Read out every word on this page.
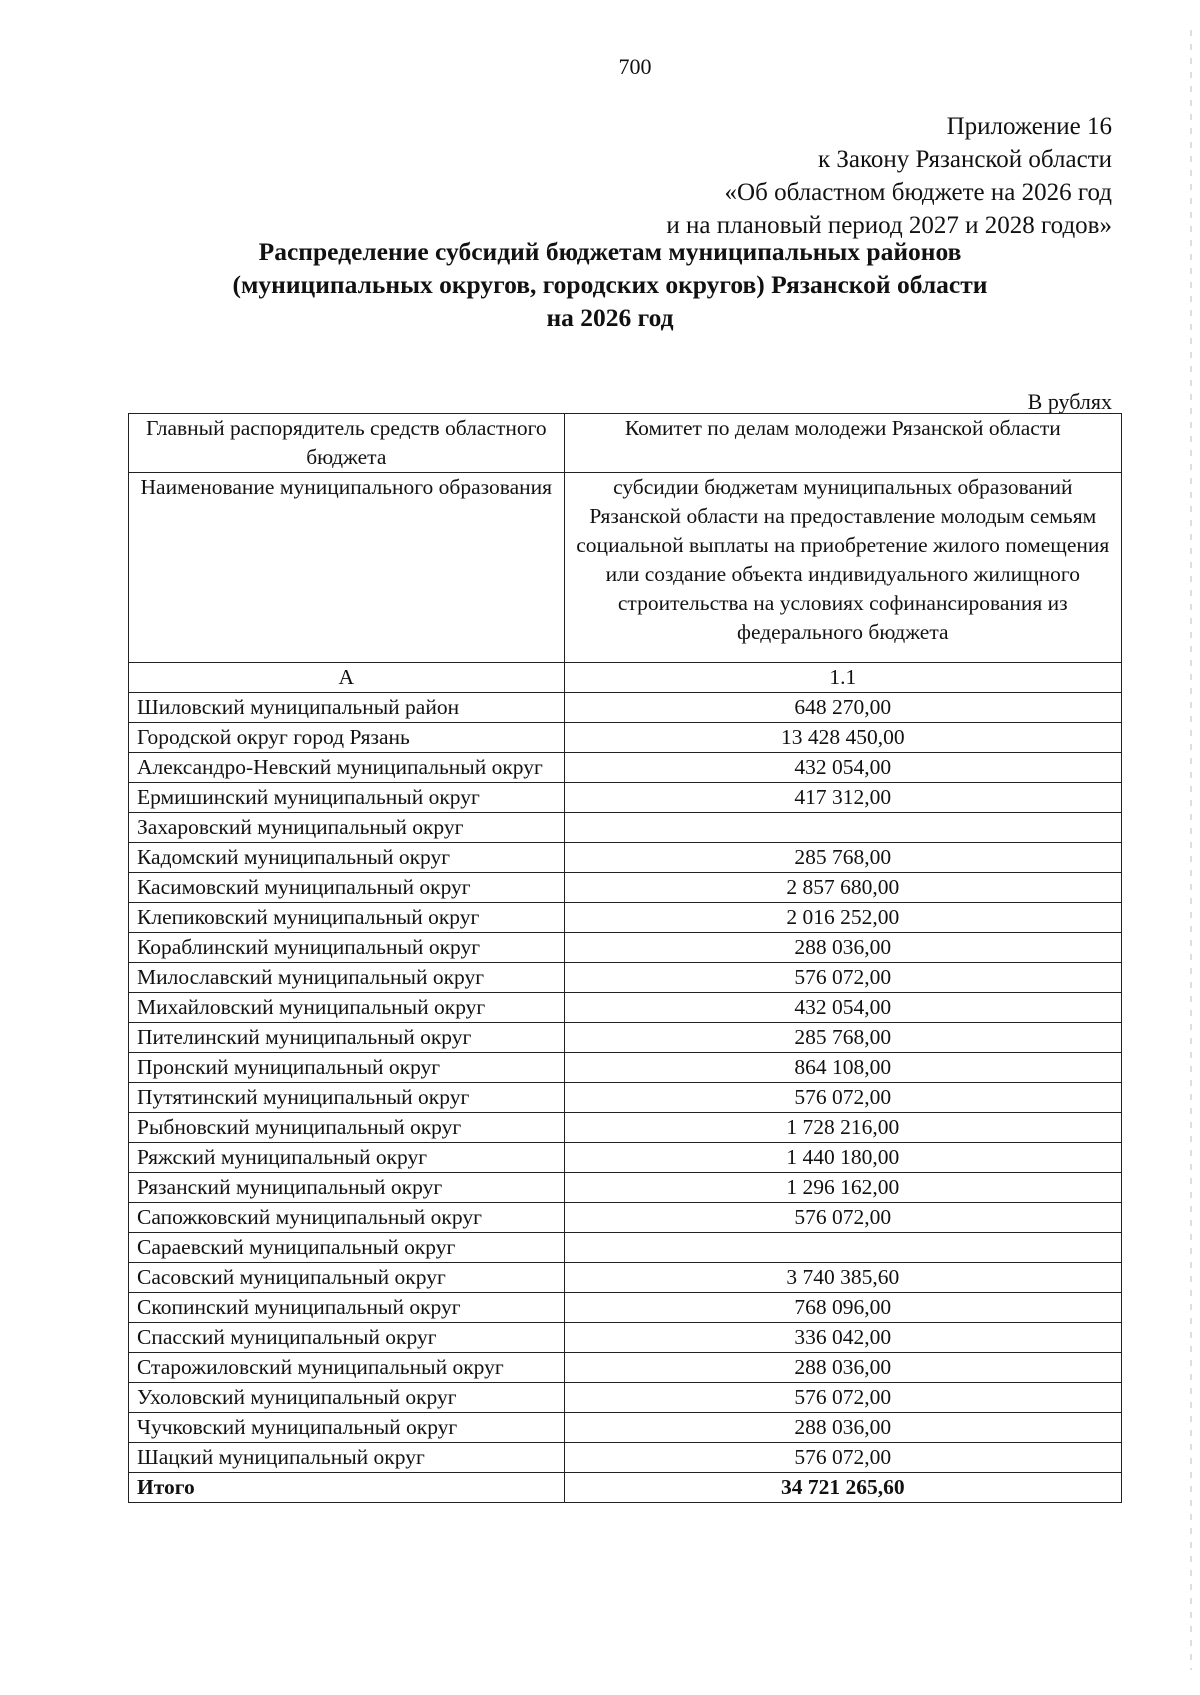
700
Приложение 16
к Закону Рязанской области
«Об областном бюджете на 2026 год
и на плановый период 2027 и 2028 годов»
Распределение субсидий бюджетам муниципальных районов
(муниципальных округов, городских округов) Рязанской области
на 2026 год
В рублях
Главный распорядитель средств областного бюджета	Комитет по делам молодежи Рязанской области
Наименование муниципального образования	субсидии бюджетам муниципальных образований Рязанской области на предоставление молодым семьям социальной выплаты на приобретение жилого помещения или создание объекта индивидуального жилищного строительства на условиях софинансирования из федерального бюджета
А	1.1
Шиловский муниципальный район	648 270,00
Городской округ город Рязань	13 428 450,00
Александро-Невский муниципальный округ	432 054,00
Ермишинский муниципальный округ	417 312,00
Захаровский муниципальный округ	
Кадомский муниципальный округ	285 768,00
Касимовский муниципальный округ	2 857 680,00
Клепиковский муниципальный округ	2 016 252,00
Кораблинский муниципальный округ	288 036,00
Милославский муниципальный округ	576 072,00
Михайловский муниципальный округ	432 054,00
Пителинский муниципальный округ	285 768,00
Пронский муниципальный округ	864 108,00
Путятинский муниципальный округ	576 072,00
Рыбновский муниципальный округ	1 728 216,00
Ряжский муниципальный округ	1 440 180,00
Рязанский муниципальный округ	1 296 162,00
Сапожковский муниципальный округ	576 072,00
Сараевский муниципальный округ	
Сасовский муниципальный округ	3 740 385,60
Скопинский муниципальный округ	768 096,00
Спасский муниципальный округ	336 042,00
Старожиловский муниципальный округ	288 036,00
Ухоловский муниципальный округ	576 072,00
Чучковский муниципальный округ	288 036,00
Шацкий муниципальный округ	576 072,00
Итого	34 721 265,60
